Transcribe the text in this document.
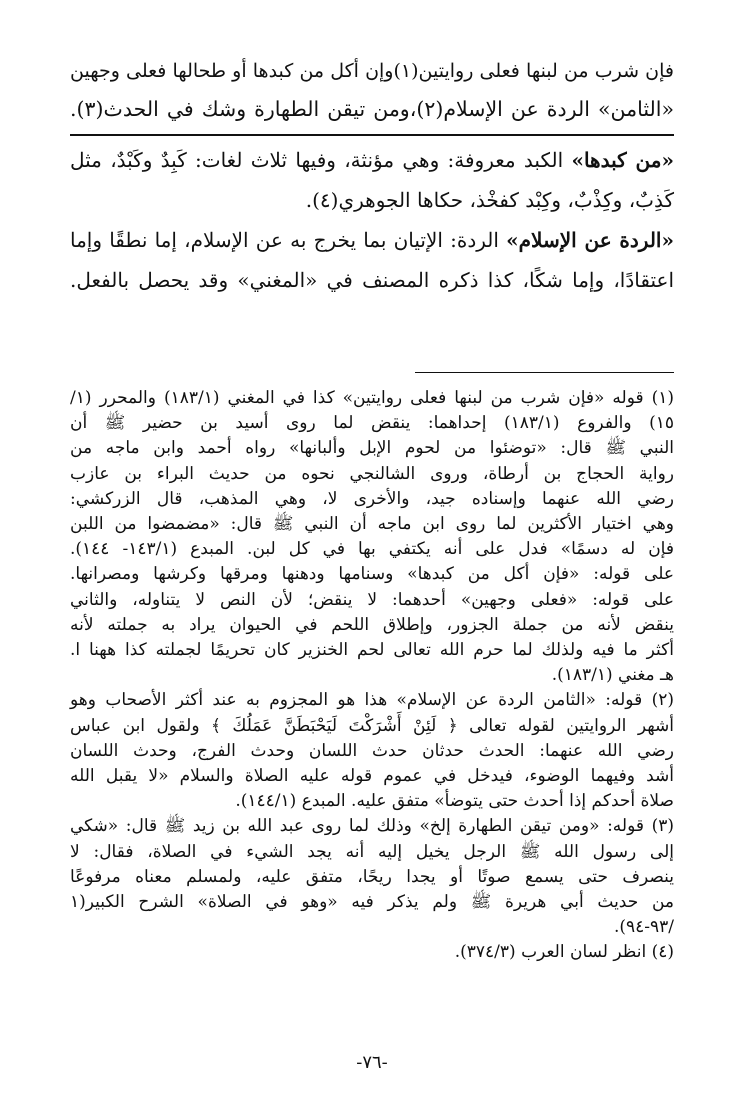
فإن شرب من لبنها فعلى روايتين(١)وإن أكل من كبدها أو طحالها فعلى وجهين
«الثامن» الردة عن الإسلام(٢)،ومن تيقن الطهارة وشك في الحدث(٣).
«من كبدها» الكبد معروفة: وهي مؤنثة، وفيها ثلاث لغات: كَبِدٌ وكَبْدٌ، مثل
كَذِبٌ، وكِذْبٌ، وكِبْد كفخْذ، حكاها الجوهري(٤).
«الردة عن الإسلام» الردة: الإتيان بما يخرج به عن الإسلام، إما نطقًا وإما
اعتقادًا، وإما شكًا، كذا ذكره المصنف في «المغني» وقد يحصل بالفعل.
(١) قوله «فإن شرب من لبنها فعلى روايتين» كذا في المغني (١٨٣/١) والمحرر (١/
١٥) والفروع (١٨٣/١) إحداهما: ينقض لما روى أسيد بن حضير ﷺ أن
النبي ﷺ قال: «توضئوا من لحوم الإبل وألبانها» رواه أحمد وابن ماجه من
رواية الحجاج بن أرطاة، وروى الشالنجي نحوه من حديث البراء بن عازب
رضي الله عنهما وإسناده جيد، والأخرى لا، وهي المذهب، قال الزركشي:
وهي اختيار الأكثرين لما روى ابن ماجه أن النبي ﷺ قال: «مضمضوا من اللبن
فإن له دسمًا» فدل على أنه يكتفي بها في كل لبن. المبدع (١٤٣/١- ١٤٤).
على قوله: «فإن أكل من كبدها» وسنامها ودهنها ومرقها وكرشها ومصرانها.
على قوله: «فعلى وجهين» أحدهما: لا ينقض؛ لأن النص لا يتناوله، والثاني
ينقض لأنه من جملة الجزور، وإطلاق اللحم في الحيوان يراد به جملته لأنه
أكثر ما فيه ولذلك لما حرم الله تعالى لحم الخنزير كان تحريمًا لجملته كذا ههنا ا.
هـ مغني (١٨٣/١).
(٢) قوله: «الثامن الردة عن الإسلام» هذا هو المجزوم به عند أكثر الأصحاب وهو
أشهر الروايتين لقوله تعالى ﴿ لَئِنْ أَشْرَكْتَ لَيَحْبَطَنَّ عَمَلُكَ ﴾ ولقول ابن عباس
رضي الله عنهما: الحدث حدثان حدث اللسان وحدث الفرج، وحدث اللسان
أشد وفيهما الوضوء، فيدخل في عموم قوله عليه الصلاة والسلام «لا يقبل الله
صلاة أحدكم إذا أحدث حتى يتوضأ» متفق عليه. المبدع (١٤٤/١).
(٣) قوله: «ومن تيقن الطهارة إلخ» وذلك لما روى عبد الله بن زيد ﷺ قال: «شكي
إلى رسول الله ﷺ الرجل يخيل إليه أنه يجد الشيء في الصلاة، فقال: لا
ينصرف حتى يسمع صوتًا أو يجدا ريحًا، متفق عليه، ولمسلم معناه مرفوعًا
من حديث أبي هريرة ﷺ ولم يذكر فيه «وهو في الصلاة» الشرح الكبير(١
/٩٣-٩٤).
(٤) انظر لسان العرب (٣٧٤/٣).
-٧٦-
